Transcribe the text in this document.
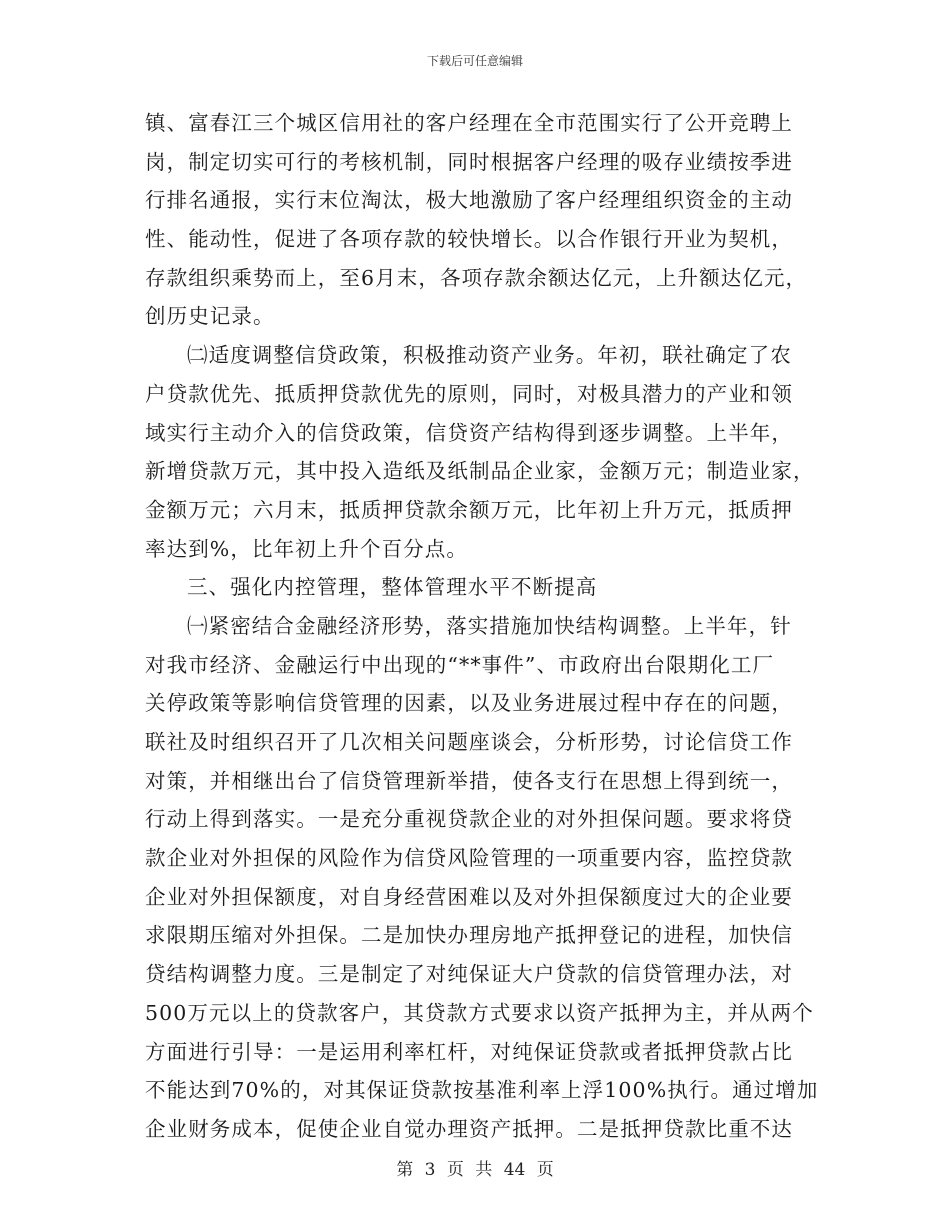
下载后可任意编辑
镇、富春江三个城区信用社的客户经理在全市范围实行了公开竞聘上
岗，制定切实可行的考核机制，同时根据客户经理的吸存业绩按季进
行排名通报，实行末位淘汰，极大地激励了客户经理组织资金的主动
性、能动性，促进了各项存款的较快增长。以合作银行开业为契机，
存款组织乘势而上，至6月末，各项存款余额达亿元，上升额达亿元，
创历史记录。
㈡适度调整信贷政策，积极推动资产业务。年初，联社确定了农
户贷款优先、抵质押贷款优先的原则，同时，对极具潜力的产业和领
域实行主动介入的信贷政策，信贷资产结构得到逐步调整。上半年，
新增贷款万元，其中投入造纸及纸制品企业家，金额万元；制造业家，
金额万元；六月末，抵质押贷款余额万元，比年初上升万元，抵质押
率达到%，比年初上升个百分点。
三、强化内控管理，整体管理水平不断提高
㈠紧密结合金融经济形势，落实措施加快结构调整。上半年，针
对我市经济、金融运行中出现的“**事件”、市政府出台限期化工厂
关停政策等影响信贷管理的因素，以及业务进展过程中存在的问题，
联社及时组织召开了几次相关问题座谈会，分析形势，讨论信贷工作
对策，并相继出台了信贷管理新举措，使各支行在思想上得到统一，
行动上得到落实。一是充分重视贷款企业的对外担保问题。要求将贷
款企业对外担保的风险作为信贷风险管理的一项重要内容，监控贷款
企业对外担保额度，对自身经营困难以及对外担保额度过大的企业要
求限期压缩对外担保。二是加快办理房地产抵押登记的进程，加快信
贷结构调整力度。三是制定了对纯保证大户贷款的信贷管理办法，对
500万元以上的贷款客户，其贷款方式要求以资产抵押为主，并从两个
方面进行引导：一是运用利率杠杆，对纯保证贷款或者抵押贷款占比
不能达到70%的，对其保证贷款按基准利率上浮100%执行。通过增加
企业财务成本，促使企业自觉办理资产抵押。二是抵押贷款比重不达
第 3 页 共 44 页
